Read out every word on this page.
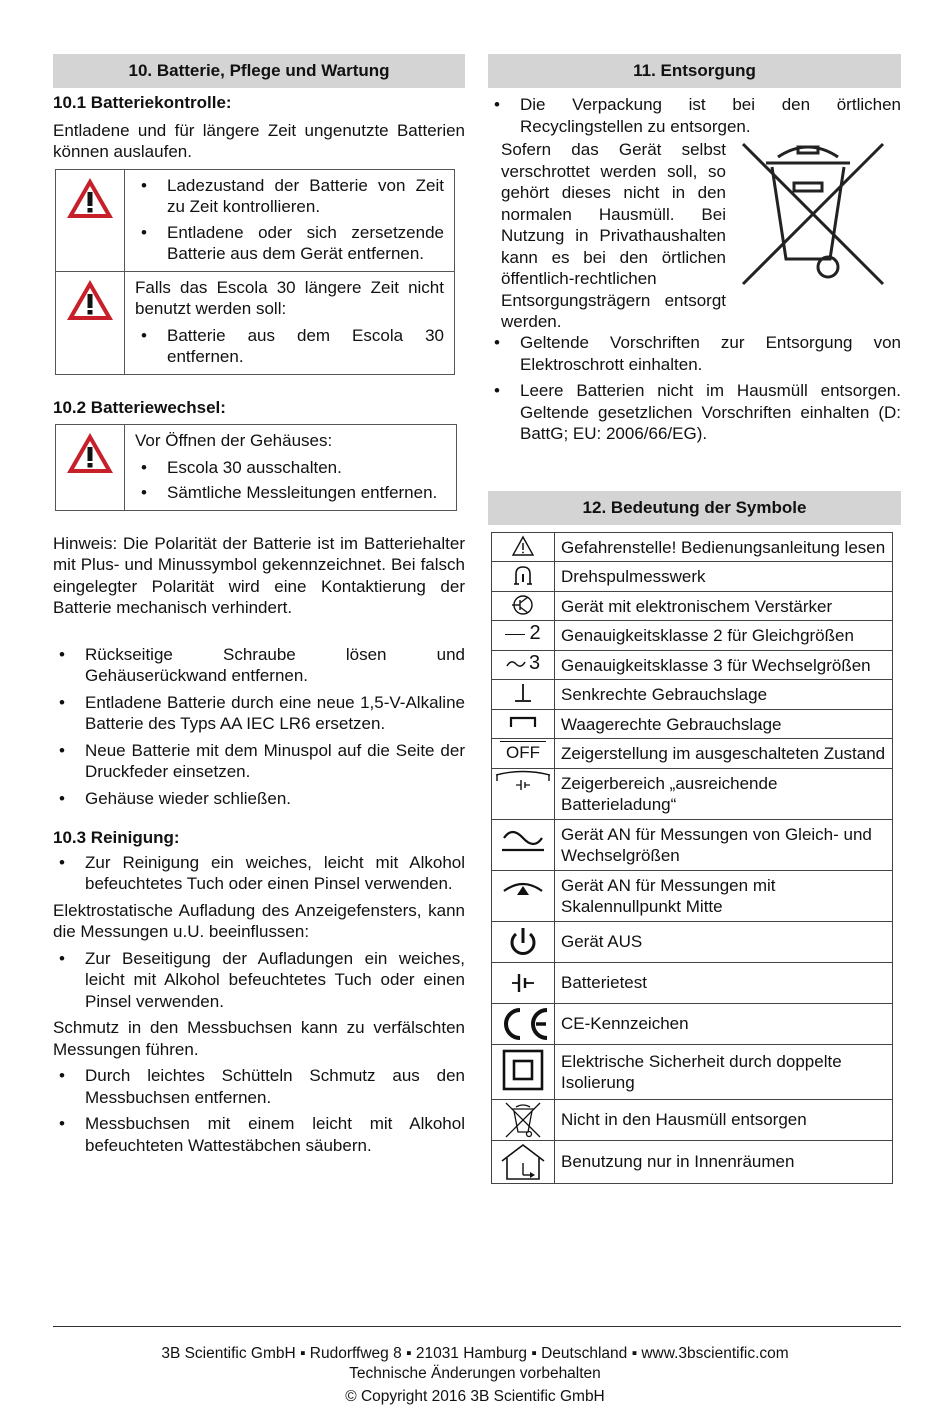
10. Batterie, Pflege und Wartung
10.1 Batteriekontrolle:

Entladene und für längere Zeit ungenutzte Batterien können auslaufen.

• Ladezustand der Batterie von Zeit zu Zeit kontrollieren.
• Entladene oder sich zersetzende Batterie aus dem Gerät entfernen.

Falls das Escola 30 längere Zeit nicht benutzt werden soll:

• Batterie aus dem Escola 30 entfernen.
10.2 Batteriewechsel:

Vor Öffnen der Gehäuses:

• Escola 30 ausschalten.
• Sämtliche Messleitungen entfernen.

Hinweis: Die Polarität der Batterie ist im Batteriehalter mit Plus- und Minussymbol gekennzeichnet. Bei falsch eingelegter Polarität wird eine Kontaktierung der Batterie mechanisch verhindert.

• Rückseitige Schraube lösen und Gehäuserückwand entfernen.
• Entladene Batterie durch eine neue 1,5-V-Alkaline Batterie des Typs AA IEC LR6 ersetzen.
• Neue Batterie mit dem Minuspol auf die Seite der Druckfeder einsetzen.
• Gehäuse wieder schließen.
10.3 Reinigung:
• Zur Reinigung ein weiches, leicht mit Alkohol befeuchtetes Tuch oder einen Pinsel verwenden.

Elektrostatische Aufladung des Anzeigefensters, kann die Messungen u.U. beeinflussen:

• Zur Beseitigung der Aufladungen ein weiches, leicht mit Alkohol befeuchtetes Tuch oder einen Pinsel verwenden.

Schmutz in den Messbuchsen kann zu verfälschten Messungen führen.

• Durch leichtes Schütteln Schmutz aus den Messbuchsen entfernen.
• Messbuchsen mit einem leicht mit Alkohol befeuchteten Wattestäbchen säubern.
11. Entsorgung
• Die Verpackung ist bei den örtlichen Recyclingstellen zu entsorgen.

Sofern das Gerät selbst verschrottet werden soll, so gehört dieses nicht in den normalen Hausmüll. Bei Nutzung in Privathaushalten kann es bei den örtlichen öffentlich-rechtlichen Entsorgungsträgern entsorgt werden.

• Geltende Vorschriften zur Entsorgung von Elektroschrott einhalten.
• Leere Batterien nicht im Hausmüll entsorgen. Geltende gesetzlichen Vorschriften einhalten (D: BattG; EU: 2006/66/EG).
12. Bedeutung der Symbole
	Gefahrenstelle! Bedienungsanleitung lesen

	Drehspulmesswerk

	Gerät mit elektronischem Verstärker

2	Genauigkeitsklasse 2 für Gleichgrößen

3	Genauigkeitsklasse 3 für Wechselgrößen

	Senkrechte Gebrauchslage

	Waagerechte Gebrauchslage

OFF	Zeigerstellung im ausgeschalteten Zustand

	Zeigerbereich „ausreichende Batterieladung“

	Gerät AN für Messungen von Gleich- und Wechselgrößen

	Gerät AN für Messungen mit Skalennullpunkt Mitte

	Gerät AUS

	Batterietest

	CE-Kennzeichen

	Elektrische Sicherheit durch doppelte Isolierung

	Nicht in den Hausmüll entsorgen

	Benutzung nur in Innenräumen
3B Scientific GmbH ▪ Rudorffweg 8 ▪ 21031 Hamburg ▪ Deutschland ▪ www.3bscientific.com
Technische Änderungen vorbehalten
© Copyright 2016 3B Scientific GmbH
